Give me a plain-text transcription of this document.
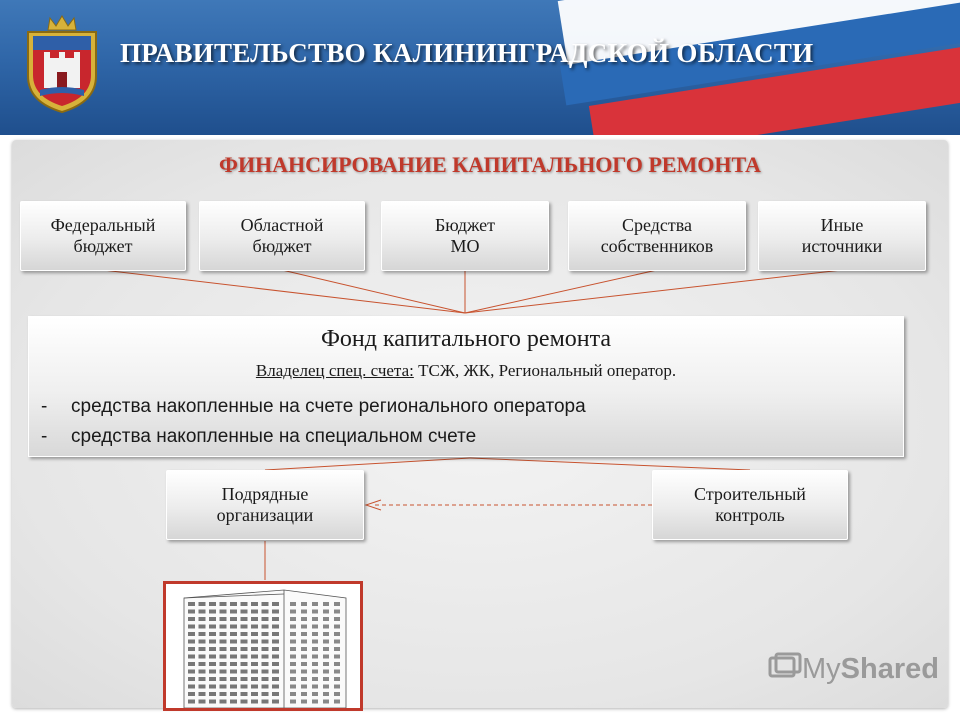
ПРАВИТЕЛЬСТВО КАЛИНИНГРАДСКОЙ ОБЛАСТИ
ФИНАНСИРОВАНИЕ КАПИТАЛЬНОГО РЕМОНТА
Федеральный
бюджет
Областной
бюджет
Бюджет
МО
Средства
собственников
Иные
источники
Фонд капитального ремонта
Владелец спец. счета: ТСЖ, ЖК, Региональный оператор.
- средства накопленные на счете регионального оператора
- средства накопленные на специальном счете
Подрядные
организации
Строительный
контроль
MyShared
